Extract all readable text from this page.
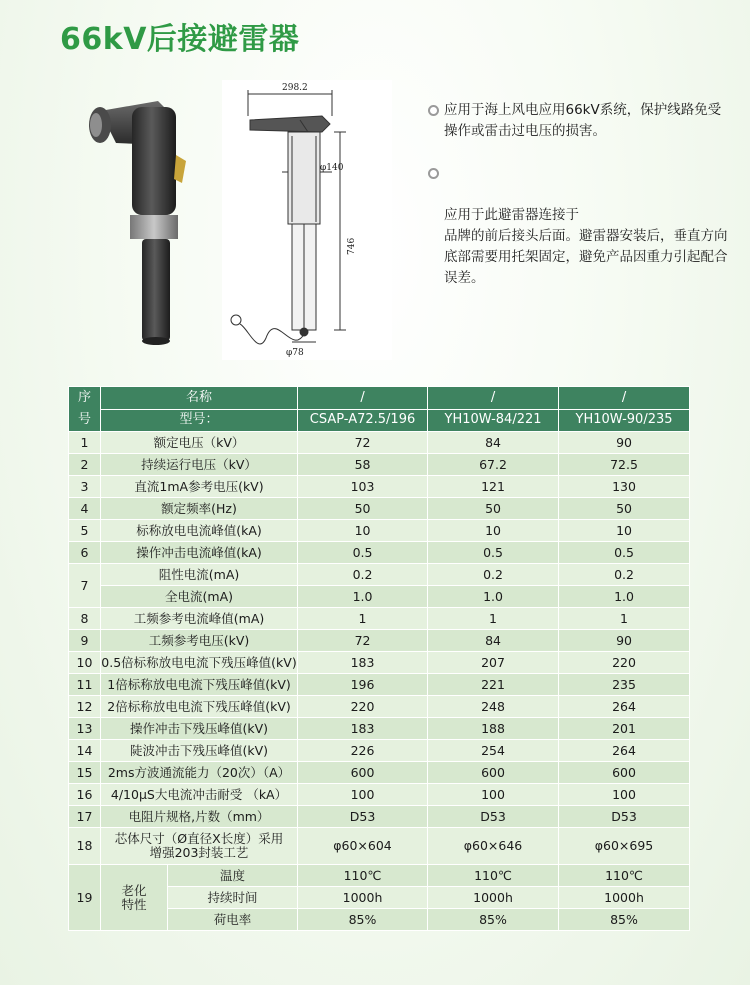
66kV后接避雷器
298.2
φ140
746
φ78
应用于海上风电应用66kV系统，保护线路免受操作或雷击过电压的损害。

应用于此避雷器连接于
品牌的前后接头后面。避雷器安装后，垂直方向底部需要用托架固定，避免产品因重力引起配合误差。

序号	名称		/	/	/
	型号：		CSAP-A72.5/196	YH10W-84/221	YH10W-90/235
1	额定电压（kV）		72	84	90
2	持续运行电压（kV）		58	67.2	72.5
3	直流1mA参考电压(kV)		103	121	130
4	额定频率(Hz)		50	50	50
5	标称放电电流峰值(kA)		10	10	10
6	操作冲击电流峰值(kA)		0.5	0.5	0.5
7	阻性电流(mA)		0.2	0.2	0.2
	全电流(mA)		1.0	1.0	1.0
8	工频参考电流峰值(mA)		1	1	1
9	工频参考电压(kV)		72	84	90
10	0.5倍标称放电电流下残压峰值(kV)		183	207	220
11	1倍标称放电电流下残压峰值(kV)		196	221	235
12	2倍标称放电电流下残压峰值(kV)		220	248	264
13	操作冲击下残压峰值(kV)		183	188	201
14	陡波冲击下残压峰值(kV)		226	254	264
15	2ms方波通流能力（20次）（A）		600	600	600
16	4/10μS大电流冲击耐受 （kA）		100	100	100
17	电阻片规格,片数（mm）		D53	D53	D53
18	芯体尺寸（Ø直径X长度）采用增强203封装工艺		φ60×604	φ60×646	φ60×695
19	老化特性	温度	110℃	110℃	110℃
		持续时间	1000h	1000h	1000h
		荷电率	85%	85%	85%
